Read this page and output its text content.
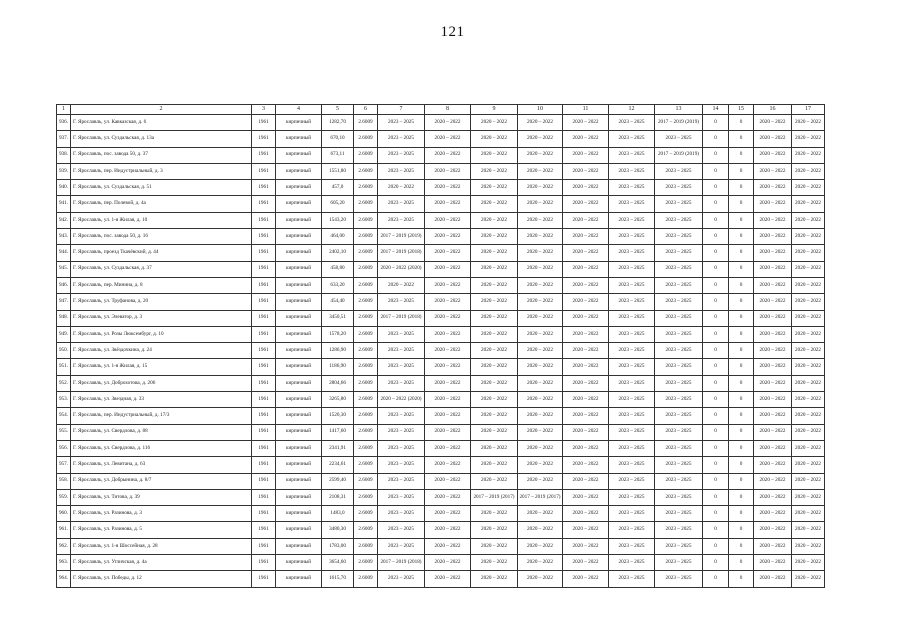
121
1	2	3	4	5	6	7	8	9	10	11	12	13	14	15	16	17
936.	Г. Ярославль, ул. Кавказская, д. 6	1961	кирпичный	1282,70	2.6009	2023 – 2025	2020 – 2022	2020 – 2022	2020 – 2022	2020 – 2022	2023 – 2025	2017 – 2019 (2019)	0	0	2020 – 2022	2020 – 2022
937.	Г. Ярославль, ул. Суздальская, д. 13а	1961	кирпичный	670,10	2.6009	2023 – 2025	2020 – 2022	2020 – 2022	2020 – 2022	2020 – 2022	2023 – 2025	2023 – 2025	0	0	2020 – 2022	2020 – 2022
938.	Г. Ярославль, пос. завода 50, д. 37	1961	кирпичный	673,11	2.6009	2023 – 2025	2020 – 2022	2020 – 2022	2020 – 2022	2020 – 2022	2023 – 2025	2017 – 2019 (2019)	0	0	2020 – 2022	2020 – 2022
939.	Г. Ярославль, пер. Индустриальный, д. 3	1961	кирпичный	1551,80	2.6009	2023 – 2025	2020 – 2022	2020 – 2022	2020 – 2022	2020 – 2022	2023 – 2025	2023 – 2025	0	0	2020 – 2022	2020 – 2022
940.	Г. Ярославль, ул. Суздальская, д. 51	1961	кирпичный	457,0	2.6009	2020 – 2022	2020 – 2022	2020 – 2022	2020 – 2022	2020 – 2022	2023 – 2025	2023 – 2025	0	0	2020 – 2022	2020 – 2022
941.	Г. Ярославль, пер. Полевой, д. 4а	1961	кирпичный	605,20	2.6009	2023 – 2025	2020 – 2022	2020 – 2022	2020 – 2022	2020 – 2022	2023 – 2025	2023 – 2025	0	0	2020 – 2022	2020 – 2022
942.	Г. Ярославль, ул. 1-я Жилая, д. 10	1961	кирпичный	1543,20	2.6009	2023 – 2025	2020 – 2022	2020 – 2022	2020 – 2022	2020 – 2022	2023 – 2025	2023 – 2025	0	0	2020 – 2022	2020 – 2022
943.	Г. Ярославль, пос. завода 50, д. 16	1961	кирпичный	464,00	2.6009	2017 – 2019 (2019)	2020 – 2022	2020 – 2022	2020 – 2022	2020 – 2022	2023 – 2025	2023 – 2025	0	0	2020 – 2022	2020 – 2022
944.	Г. Ярославль, проезд Ткачёвский, д. 44	1961	кирпичный	2402,10	2.6009	2017 – 2019 (2018)	2020 – 2022	2020 – 2022	2020 – 2022	2020 – 2022	2023 – 2025	2023 – 2025	0	0	2020 – 2022	2020 – 2022
945.	Г. Ярославль, ул. Суздальская, д. 37	1961	кирпичный	458,80	2.6009	2020 – 2022 (2020)	2020 – 2022	2020 – 2022	2020 – 2022	2020 – 2022	2023 – 2025	2023 – 2025	0	0	2020 – 2022	2020 – 2022
946.	Г. Ярославль, пер. Минина, д. 8	1961	кирпичный	633,20	2.6009	2020 – 2022	2020 – 2022	2020 – 2022	2020 – 2022	2020 – 2022	2023 – 2025	2023 – 2025	0	0	2020 – 2022	2020 – 2022
947.	Г. Ярославль, ул. Труфанова, д. 20	1961	кирпичный	454,40	2.6009	2023 – 2025	2020 – 2022	2020 – 2022	2020 – 2022	2020 – 2022	2023 – 2025	2023 – 2025	0	0	2020 – 2022	2020 – 2022
948.	Г. Ярославль, ул. Элеватор, д. 3	1961	кирпичный	3450,51	2.6009	2017 – 2019 (2018)	2020 – 2022	2020 – 2022	2020 – 2022	2020 – 2022	2023 – 2025	2023 – 2025	0	0	2020 – 2022	2020 – 2022
949.	Г. Ярославль, ул. Розы Люксембург, д. 10	1961	кирпичный	1578,20	2.6009	2023 – 2025	2020 – 2022	2020 – 2022	2020 – 2022	2020 – 2022	2023 – 2025	2023 – 2025	0	0	2020 – 2022	2020 – 2022
950.	Г. Ярославль, ул. Звёздочкина, д. 24	1961	кирпичный	1286,90	2.6009	2023 – 2025	2020 – 2022	2020 – 2022	2020 – 2022	2020 – 2022	2023 – 2025	2023 – 2025	0	0	2020 – 2022	2020 – 2022
951.	Г. Ярославль, ул. 1-я Жилая, д. 15	1961	кирпичный	1186,90	2.6009	2023 – 2025	2020 – 2022	2020 – 2022	2020 – 2022	2020 – 2022	2023 – 2025	2023 – 2025	0	0	2020 – 2022	2020 – 2022
952.	Г. Ярославль, ул. Доброхотова, д. 206	1961	кирпичный	2804,66	2.6009	2023 – 2025	2020 – 2022	2020 – 2022	2020 – 2022	2020 – 2022	2023 – 2025	2023 – 2025	0	0	2020 – 2022	2020 – 2022
953.	Г. Ярославль, ул. Звездная, д. 33	1961	кирпичный	3265,80	2.6009	2020 – 2022 (2020)	2020 – 2022	2020 – 2022	2020 – 2022	2020 – 2022	2023 – 2025	2023 – 2025	0	0	2020 – 2022	2020 – 2022
954.	Г. Ярославль, пер. Индустриальный, д. 17/3	1961	кирпичный	1520,30	2.6009	2023 – 2025	2020 – 2022	2020 – 2022	2020 – 2022	2020 – 2022	2023 – 2025	2023 – 2025	0	0	2020 – 2022	2020 – 2022
955.	Г. Ярославль, ул. Свердлова, д. 88	1961	кирпичный	1417,60	2.6009	2023 – 2025	2020 – 2022	2020 – 2022	2020 – 2022	2020 – 2022	2023 – 2025	2023 – 2025	0	0	2020 – 2022	2020 – 2022
956.	Г. Ярославль, ул. Свердлова, д. 116	1961	кирпичный	2341,91	2.6009	2023 – 2025	2020 – 2022	2020 – 2022	2020 – 2022	2020 – 2022	2023 – 2025	2023 – 2025	0	0	2020 – 2022	2020 – 2022
957.	Г. Ярославль, ул. Левитана, д. 63	1961	кирпичный	2234,61	2.6009	2023 – 2025	2020 – 2022	2020 – 2022	2020 – 2022	2020 – 2022	2023 – 2025	2023 – 2025	0	0	2020 – 2022	2020 – 2022
958.	Г. Ярославль, ул. Добрынина, д. 8/7	1961	кирпичный	2599,40	2.6009	2023 – 2025	2020 – 2022	2020 – 2022	2020 – 2022	2020 – 2022	2023 – 2025	2023 – 2025	0	0	2020 – 2022	2020 – 2022
959.	Г. Ярославль, ул. Титова, д. 39	1961	кирпичный	2108,31	2.6009	2023 – 2025	2020 – 2022	2017 – 2019 (2017)	2017 – 2019 (2017)	2020 – 2022	2023 – 2025	2023 – 2025	0	0	2020 – 2022	2020 – 2022
960.	Г. Ярославль, ул. Разинова, д. 3	1961	кирпичный	1483,0	2.6009	2023 – 2025	2020 – 2022	2020 – 2022	2020 – 2022	2020 – 2022	2023 – 2025	2023 – 2025	0	0	2020 – 2022	2020 – 2022
961.	Г. Ярославль, ул. Разинова, д. 5	1961	кирпичный	3480,30	2.6009	2023 – 2025	2020 – 2022	2020 – 2022	2020 – 2022	2020 – 2022	2023 – 2025	2023 – 2025	0	0	2020 – 2022	2020 – 2022
962.	Г. Ярославль, ул. 1-я Шоссейная, д. 28	1961	кирпичный	1783,00	2.6009	2023 – 2025	2020 – 2022	2020 – 2022	2020 – 2022	2020 – 2022	2023 – 2025	2023 – 2025	0	0	2020 – 2022	2020 – 2022
963.	Г. Ярославль, ул. Угличская, д. 4а	1961	кирпичный	3654,60	2.6009	2017 – 2019 (2018)	2020 – 2022	2020 – 2022	2020 – 2022	2020 – 2022	2023 – 2025	2023 – 2025	0	0	2020 – 2022	2020 – 2022
964.	Г. Ярославль, ул. Победы, д. 12	1961	кирпичный	1615,70	2.6009	2023 – 2025	2020 – 2022	2020 – 2022	2020 – 2022	2020 – 2022	2023 – 2025	2023 – 2025	0	0	2020 – 2022	2020 – 2022
